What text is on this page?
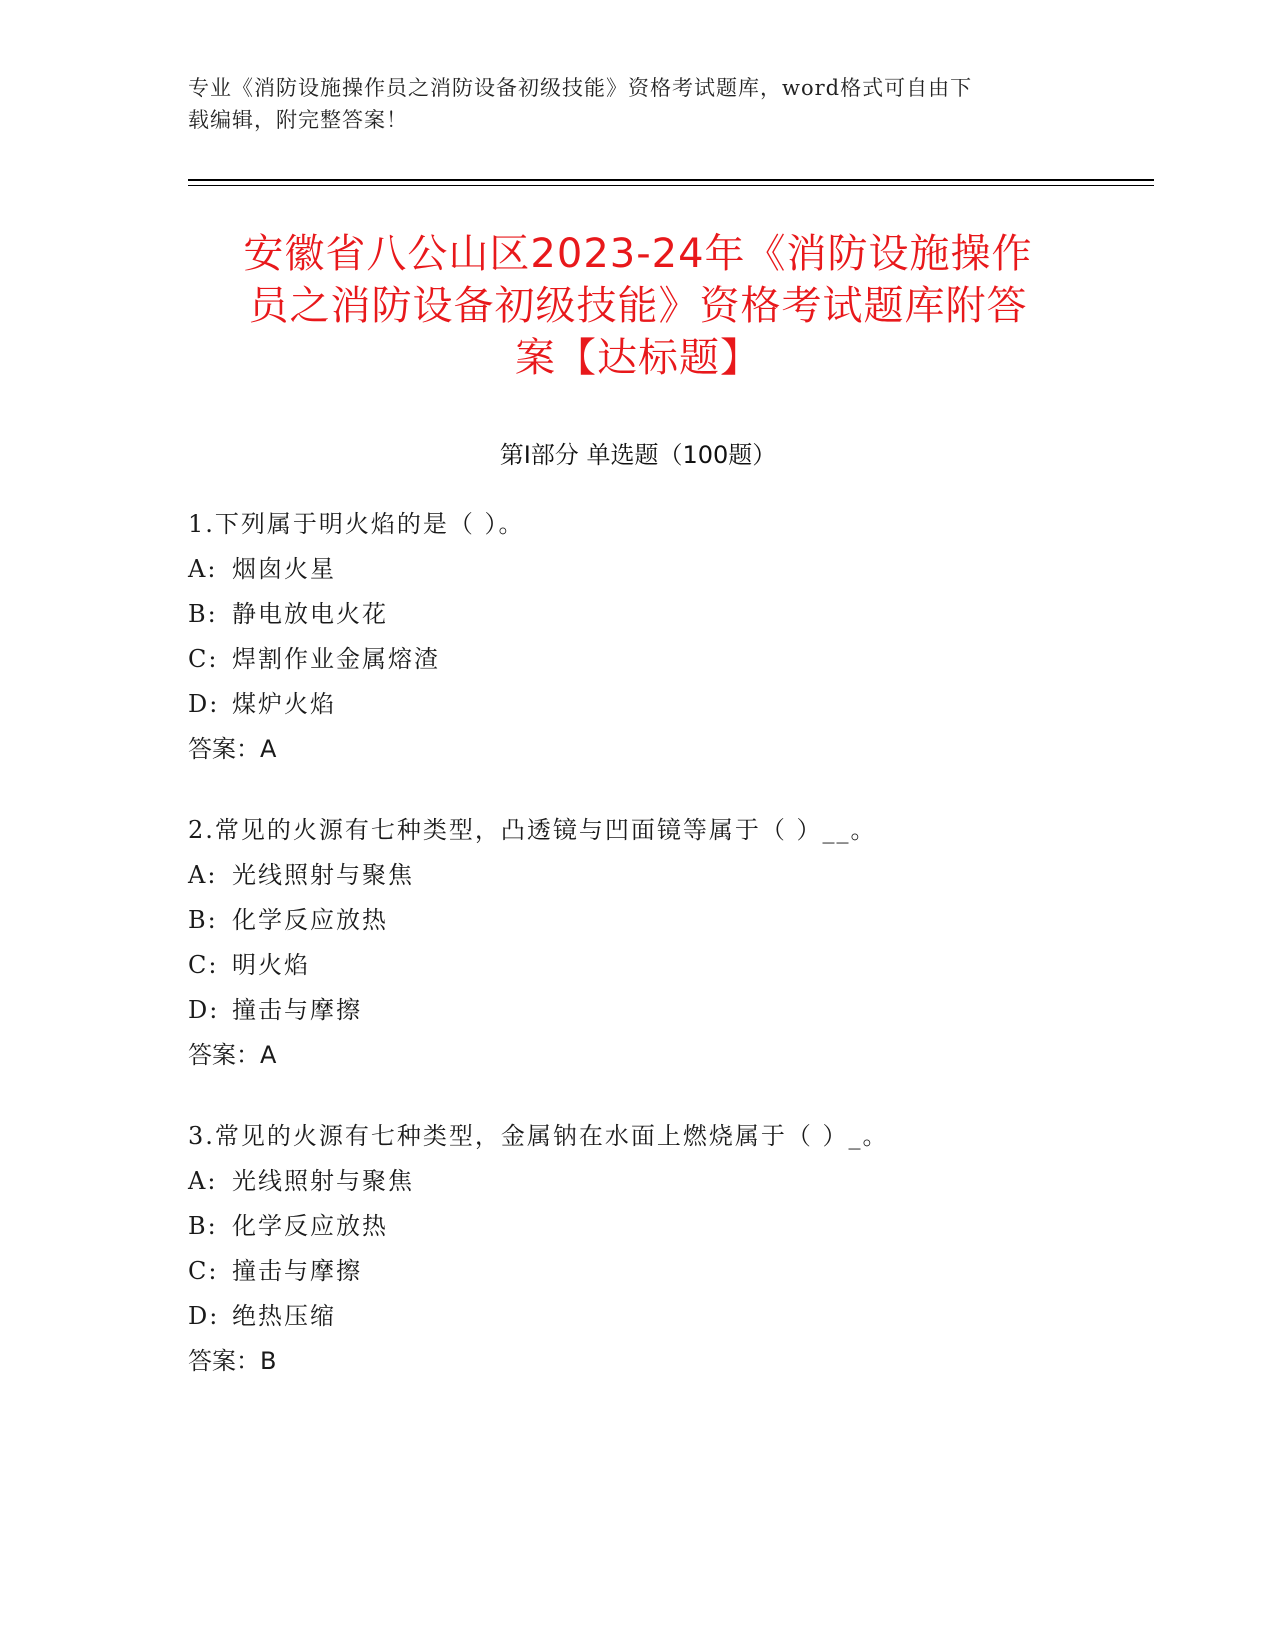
专业《消防设施操作员之消防设备初级技能》资格考试题库，word格式可自由下
载编辑，附完整答案！
安徽省八公山区2023-24年《消防设施操作
员之消防设备初级技能》资格考试题库附答
案【达标题】
第I部分 单选题（100题）
1.下列属于明火焰的是（ ）。
A: 烟囱火星
B: 静电放电火花
C: 焊割作业金属熔渣
D: 煤炉火焰
答案：A
2.常见的火源有七种类型，凸透镜与凹面镜等属于（ ）__。
A: 光线照射与聚焦
B: 化学反应放热
C: 明火焰
D: 撞击与摩擦
答案：A
3.常见的火源有七种类型，金属钠在水面上燃烧属于（ ）_。
A: 光线照射与聚焦
B: 化学反应放热
C: 撞击与摩擦
D: 绝热压缩
答案：B
